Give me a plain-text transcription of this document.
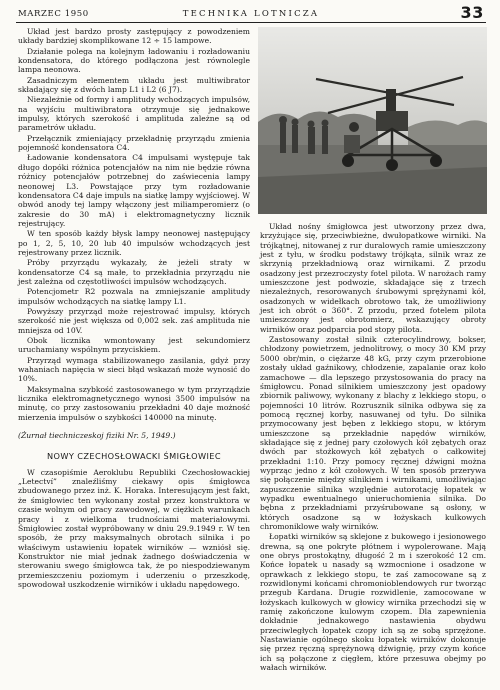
MARZEC 1950	TECHNIKA LOTNICZA	33

Układ jest bardzo prosty zastępujący z powodzeniem układy bardziej skomplikowane 12 ÷ 15 lampowe.

Działanie polega na kolejnym ładowaniu i rozładowaniu kondensatora, do którego podłączona jest równolegle lampa neonowa.

Zasadniczym elementem układu jest multiwibrator składający się z dwóch lamp L1 i L2 (6 J7).

Niezależnie od formy i amplitudy wchodzących impulsów, na wyjściu multiwibratora otrzymuje się jednakowe impulsy, których szerokość i amplituda zależne są od parametrów układu.

Przełącznik zmieniający przekładnię przyrządu zmienia pojemność kondensatora C4.

Ładowanie kondensatora C4 impulsami występuje tak długo dopóki różnica potencjałów na nim nie będzie równa różnicy potencjałów potrzebnej do zaświecenia lampy neonowej L3. Powstające przy tym rozładowanie kondensatora C4 daje impuls na siatkę lampy wyjściowej. W obwód anody tej lampy włączony jest miliamperomierz (o zakresie do 30 mA) i elektromagnetyczny licznik rejestrujący.

W ten sposób każdy błysk lampy neonowej następujący po 1, 2, 5, 10, 20 lub 40 impulsów wchodzących jest rejestrowany przez licznik.

Próby przyrządu wykazały, że jeżeli straty w kondensatorze C4 są małe, to przekładnia przyrządu nie jest zależna od częstotliwości impulsów wchodzących.

Potencjometr R2 pozwala na zmniejszanie amplitudy impulsów wchodzących na siatkę lampy L1.

Powyższy przyrząd może rejestrować impulsy, których szerokość nie jest większa od 0,002 sek. zaś amplituda nie mniejsza od 10V.

Obok licznika wmontowany jest sekundomierz uruchamiany wspólnym przyciskiem.

Przyrząd wymaga stabilizowanego zasilania, gdyż przy wahaniach napięcia w sieci błąd wskazań może wynosić do 10%.

Maksymalna szybkość zastosowanego w tym przyrządzie licznika elektromagnetycznego wynosi 3500 impulsów na minutę, co przy zastosowaniu przekładni 40 daje możność mierzenia impulsów o szybkości 140000 na minutę.

(Żurnał tiechniczeskoj fiziki Nr. 5, 1949.)

NOWY CZECHOSŁOWACKI ŚMIGŁOWIEC

W czasopiśmie Aeroklubu Republiki Czechosłowackiej „Letectví” znaleźliśmy ciekawy opis śmigłowca zbudowanego przez inż. K. Horaka. Interesującym jest fakt, że śmigłowiec ten wykonany został przez konstruktora w czasie wolnym od pracy zawodowej, w ciężkich warunkach pracy i z wielkoma trudnościami materiałowymi. Śmigłowiec został wypróbowany w dniu 29.9.1949 r. W ten sposób, że przy maksymalnych obrotach silnika i po właściwym ustawieniu łopatek wirników — wzniósł się. Konstruktor nie miał jednak żadnego doświadczenia w sterowaniu swego śmigłowca tak, że po niespodziewanym przemieszczeniu poziomym i uderzeniu o przeszkodę, spowodował uszkodzenie wirników i układu napędowego.

Układ nośny śmigłowca jest utworzony przez dwa, krzyżujące się, przeciwbieżne, dwułopatkowe wirniki. Na trójkątnej, nitowanej z rur duralowych ramie umieszczony jest z tyłu, w środku podstawy trójkąta, silnik wraz ze skrzynią przekładniową oraz wirnikami. Z przodu osadzony jest przezroczysty fotel pilota. W narożach ramy umieszczone jest podwozie, składające się z trzech niezależnych, resorowanych śrubowymi sprężynami kół, osadzonych w widełkach obrotowo tak, że umożliwiony jest ich obrót o 360°. Z przodu, przed fotelem pilota umieszczony jest obrotomierz, wskazujący obroty wirników oraz podparcia pod stopy pilota.

Zastosowany został silnik czterocylindrowy, bokser, chłodzony powietrzem, jednolitrowy, o mocy 30 KM przy 5000 obr/min, o ciężarze 48 kG, przy czym przerobione zostały układ gaźnikowy, chłodzenie, zapalanie oraz koło zamachowe — dla lepszego przystosowania do pracy na śmigłowcu. Ponad silnikiem umieszczony jest opadowy zbiornik paliwowy, wykonany z blachy z lekkiego stopu, o pojemności 10 litrów. Rozrusznik silnika odbywa się za pomocą ręcznej korby, nasuwanej od tyłu. Do silnika przymocowany jest bęben z lekkiego stopu, w którym umieszczone są przekładnie napędów wirników, składające się z jednej pary czołowych kół zębatych oraz dwóch par stożkowych kół zębatych o całkowitej przekładni 1:10. Przy pomocy ręcznej dźwigni można wyprząc jedno z kół czołowych. W ten sposób przerywa się połączenie między silnikiem i wirnikami, umożliwiając zapuszczenie silnika względnie autorotację łopatek w wypadku ewentualnego unieruchomienia silnika. Do bębna z przekładniami przyśrubowane są osłony, w których osadzone są w łożyskach kulkowych chromoniklowe wały wirników.

Łopatki wirników są sklejone z bukowego i jesionowego drewna, są one pokryte płótnem i wypolerowane. Mają one obrys prostokątny, długość 2 m i szerokość 12 cm. Końce łopatek u nasady są wzmocnione i osadzone w oprawkach z lekkiego stopu, te zaś zamocowane są z rozwidlonymi końcami chromonioblendowych rur tworząc przegub Kardana. Drugie rozwidlenie, zamocowane w łożyskach kulkowych w głowicy wirnika przechodzi się w ramię zakończone kulowym czopem. Dla zapewnienia dokładnie jednakowego nastawienia obydwu przeciwległych łopatek czopy ich są ze sobą sprzężone. Nastawianie ogólnego skoku łopatek wirników dokonuje się przez ręczną sprężynową dźwignię, przy czym końce ich są połączone z cięgłem, które przesuwa obejmy po wałach wirników.
